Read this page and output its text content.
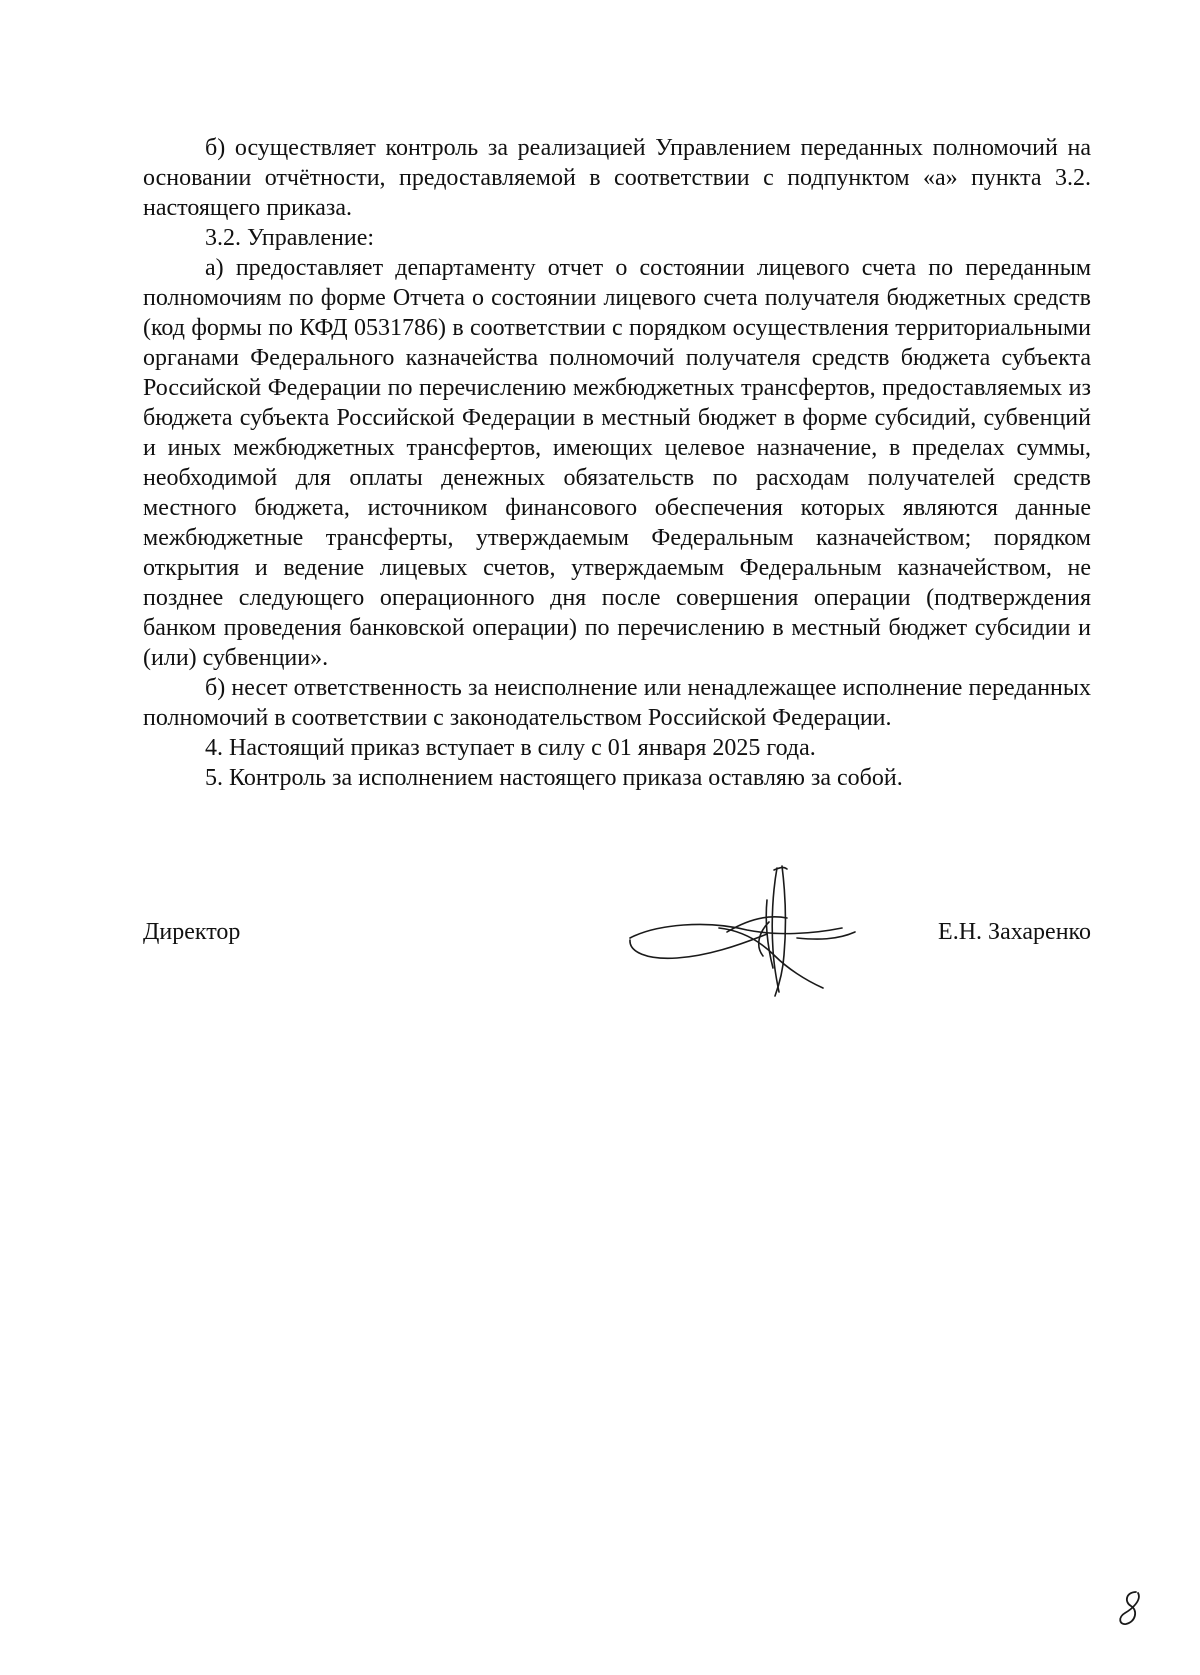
б) осуществляет контроль за реализацией Управлением переданных полномочий на основании отчётности, предоставляемой в соответствии с подпунктом «а» пункта 3.2. настоящего приказа.

3.2. Управление:

а) предоставляет департаменту отчет о состоянии лицевого счета по переданным полномочиям по форме Отчета о состоянии лицевого счета получателя бюджетных средств (код формы по КФД 0531786) в соответствии с порядком осуществления территориальными органами Федерального казначейства полномочий получателя средств бюджета субъекта Российской Федерации по перечислению межбюджетных трансфертов, предоставляемых из бюджета субъекта Российской Федерации в местный бюджет в форме субсидий, субвенций и иных межбюджетных трансфертов, имеющих целевое назначение, в пределах суммы, необходимой для оплаты денежных обязательств по расходам получателей средств местного бюджета, источником финансового обеспечения которых являются данные межбюджетные трансферты, утверждаемым Федеральным казначейством; порядком открытия и ведение лицевых счетов, утверждаемым Федеральным казначейством, не позднее следующего операционного дня после совершения операции (подтверждения банком проведения банковской операции) по перечислению в местный бюджет субсидии и (или) субвенции».

б) несет ответственность за неисполнение или ненадлежащее исполнение переданных полномочий в соответствии с законодательством Российской Федерации.

4. Настоящий приказ вступает в силу с 01 января 2025 года.

5. Контроль за исполнением настоящего приказа оставляю за собой.

Директор	Е.Н. Захаренко
